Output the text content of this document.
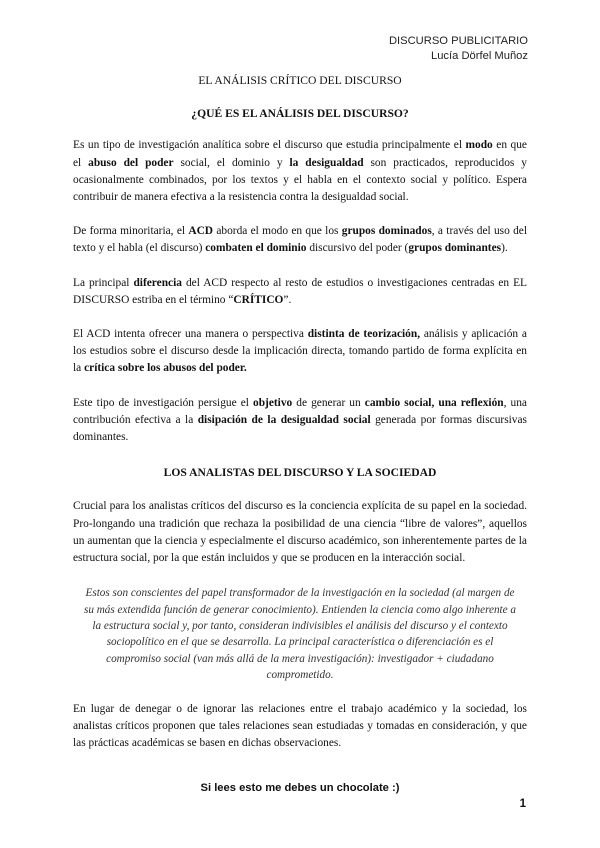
DISCURSO PUBLICITARIO
Lucía Dörfel Muñoz
EL ANÁLISIS CRÍTICO DEL DISCURSO
¿QUÉ ES EL ANÁLISIS DEL DISCURSO?

Es un tipo de investigación analítica sobre el discurso que estudia principalmente el modo en que el abuso del poder social, el dominio y la desigualdad son practicados, reproducidos y ocasionalmente combinados, por los textos y el habla en el contexto social y político. Espera contribuir de manera efectiva a la resistencia contra la desigualdad social.

De forma minoritaria, el ACD aborda el modo en que los grupos dominados, a través del uso del texto y el habla (el discurso) combaten el dominio discursivo del poder (grupos dominantes).

La principal diferencia del ACD respecto al resto de estudios o investigaciones centradas en EL DISCURSO estriba en el término “CRÍTICO”.

El ACD intenta ofrecer una manera o perspectiva distinta de teorización, análisis y aplicación a los estudios sobre el discurso desde la implicación directa, tomando partido de forma explícita en la crítica sobre los abusos del poder.

Este tipo de investigación persigue el objetivo de generar un cambio social, una reflexión, una contribución efectiva a la disipación de la desigualdad social generada por formas discursivas dominantes.

LOS ANALISTAS DEL DISCURSO Y LA SOCIEDAD

Crucial para los analistas críticos del discurso es la conciencia explícita de su papel en la sociedad. Pro-longando una tradición que rechaza la posibilidad de una ciencia “libre de valores”, aquellos un aumentan que la ciencia y especialmente el discurso académico, son inherentemente partes de la estructura social, por la que están incluidos y que se producen en la interacción social.

Estos son conscientes del papel transformador de la investigación en la sociedad (al margen de su más extendida función de generar conocimiento). Entienden la ciencia como algo inherente a la estructura social y, por tanto, consideran indivisibles el análisis del discurso y el contexto sociopolítico en el que se desarrolla. La principal característica o diferenciación es el compromiso social (van más allá de la mera investigación): investigador + ciudadano comprometido.

En lugar de denegar o de ignorar las relaciones entre el trabajo académico y la sociedad, los analistas críticos proponen que tales relaciones sean estudiadas y tomadas en consideración, y que las prácticas académicas se basen en dichas observaciones.

Si lees esto me debes un chocolate :)
1
